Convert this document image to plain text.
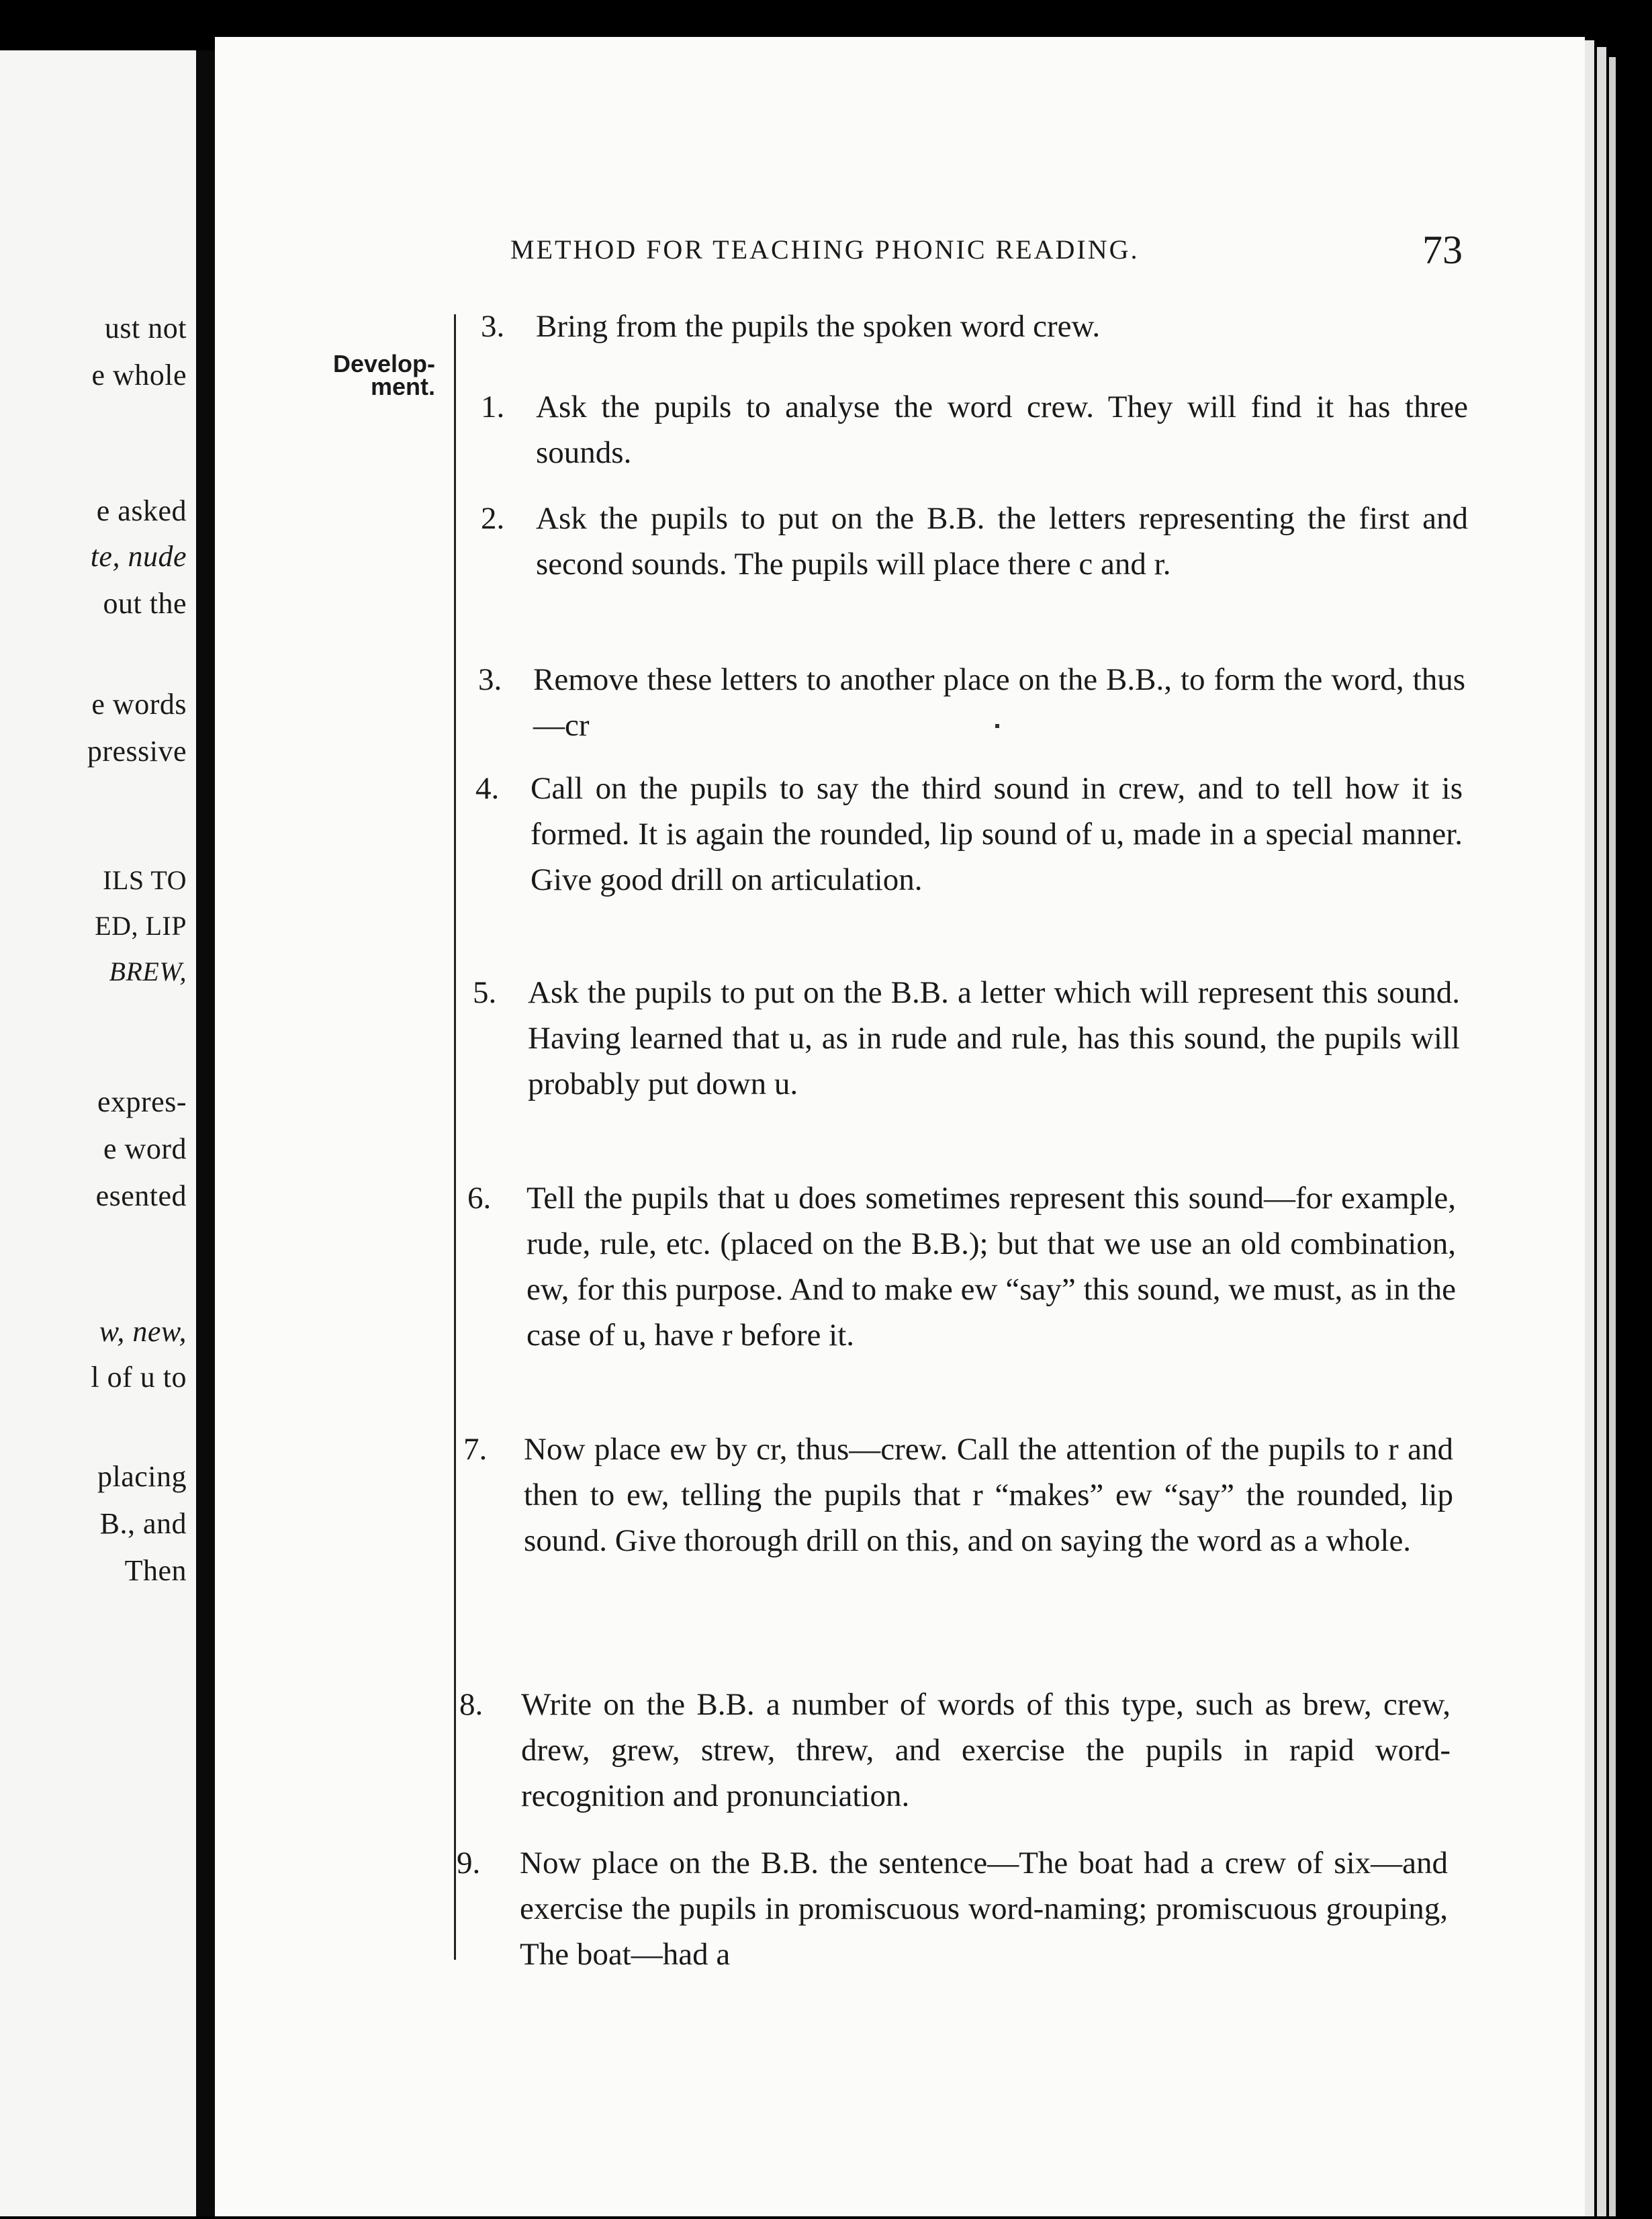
ust not
e whole
e asked
te, nude
out the
e words
pressive
ILS TO
ED, LIP
BREW,
expres-
e word
esented
w, new,
l of u to
placing
B., and
Then
METHOD FOR TEACHING PHONIC READING.	73
Develop-
ment.
3. Bring from the pupils the spoken word crew.
1. Ask the pupils to analyse the word crew. They will find it has three sounds.
2. Ask the pupils to put on the B.B. the letters representing the first and second sounds. The pupils will place there c and r.
3. Remove these letters to another place on the B.B., to form the word, thus—cr
4. Call on the pupils to say the third sound in crew, and to tell how it is formed. It is again the rounded, lip sound of u, made in a special manner. Give good drill on articulation.
5. Ask the pupils to put on the B.B. a letter which will represent this sound. Having learned that u, as in rude and rule, has this sound, the pupils will probably put down u.
6.	Tell the pupils that u does sometimes represent this sound—for example, rude, rule, etc. (placed on the B.B.); but that we use an old combination, ew, for this purpose. And to make ew “say” this sound, we must, as in the case of u, have r before it.
7.	Now place ew by cr, thus—crew. Call the attention of the pupils to r and then to ew, telling the pupils that r “makes” ew “say” the rounded, lip sound. Give thorough drill on this, and on saying the word as a whole.
8.	Write on the B.B. a number of words of this type, such as brew, crew, drew, grew, strew, threw, and exercise the pupils in rapid word-recognition and pronunciation.
9.	Now place on the B.B. the sentence—The boat had a crew of six—and exercise the pupils in promiscuous word-naming; promiscuous grouping, The boat—had a
